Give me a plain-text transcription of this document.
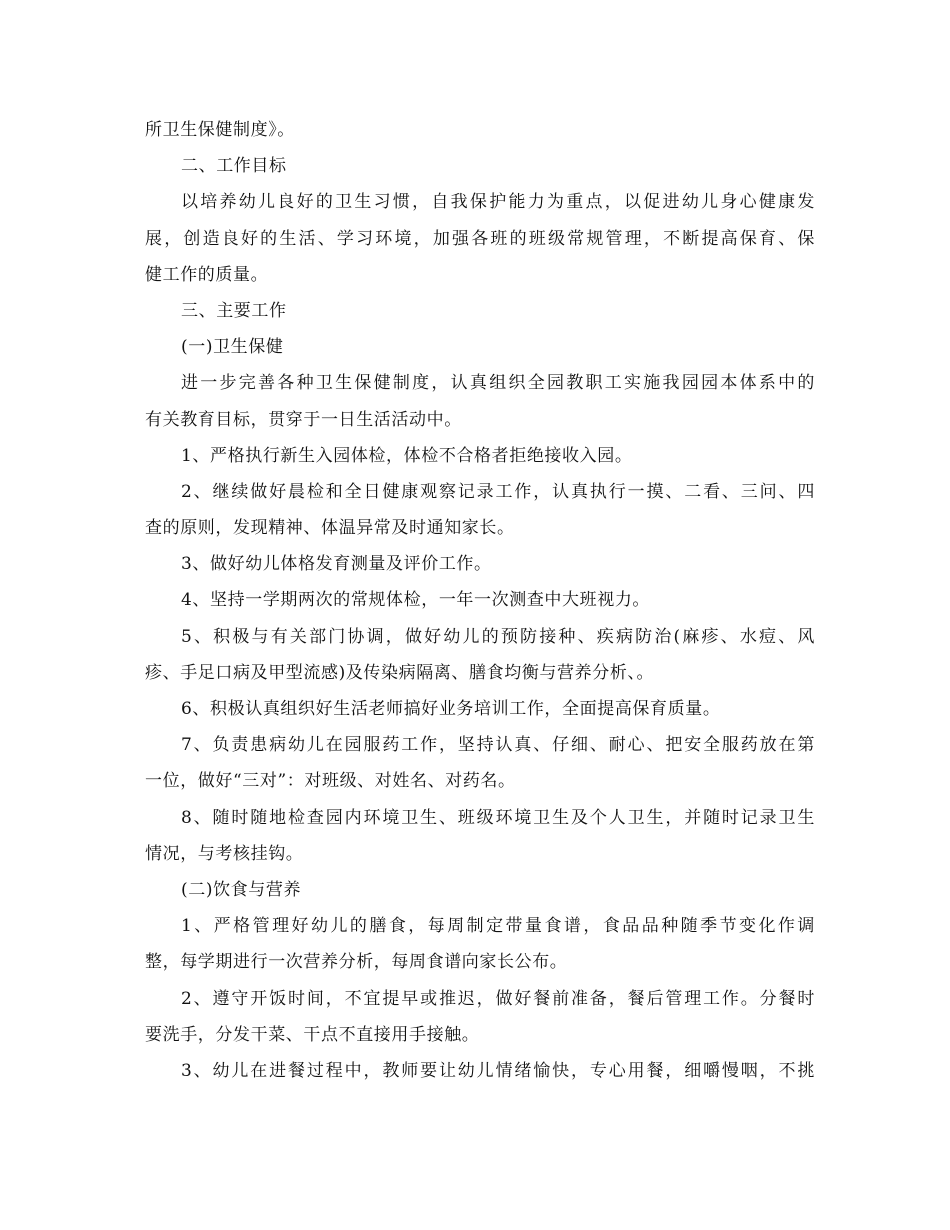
所卫生保健制度》。
二、工作目标
以培养幼儿良好的卫生习惯，自我保护能力为重点，以促进幼儿身心健康发
展，创造良好的生活、学习环境，加强各班的班级常规管理，不断提高保育、保
健工作的质量。
三、主要工作
(一)卫生保健
进一步完善各种卫生保健制度，认真组织全园教职工实施我园园本体系中的
有关教育目标，贯穿于一日生活活动中。
1、严格执行新生入园体检，体检不合格者拒绝接收入园。
2、继续做好晨检和全日健康观察记录工作，认真执行一摸、二看、三问、四
查的原则，发现精神、体温异常及时通知家长。
3、做好幼儿体格发育测量及评价工作。
4、坚持一学期两次的常规体检，一年一次测查中大班视力。
5、积极与有关部门协调，做好幼儿的预防接种、疾病防治(麻疹、水痘、风
疹、手足口病及甲型流感)及传染病隔离、膳食均衡与营养分析、。
6、积极认真组织好生活老师搞好业务培训工作，全面提高保育质量。
7、负责患病幼儿在园服药工作，坚持认真、仔细、耐心、把安全服药放在第
一位，做好“三对”：对班级、对姓名、对药名。
8、随时随地检查园内环境卫生、班级环境卫生及个人卫生，并随时记录卫生
情况，与考核挂钩。
(二)饮食与营养
1、严格管理好幼儿的膳食，每周制定带量食谱，食品品种随季节变化作调
整，每学期进行一次营养分析，每周食谱向家长公布。
2、遵守开饭时间，不宜提早或推迟，做好餐前准备，餐后管理工作。分餐时
要洗手，分发干菜、干点不直接用手接触。
3、幼儿在进餐过程中，教师要让幼儿情绪愉快，专心用餐，细嚼慢咽，不挑
